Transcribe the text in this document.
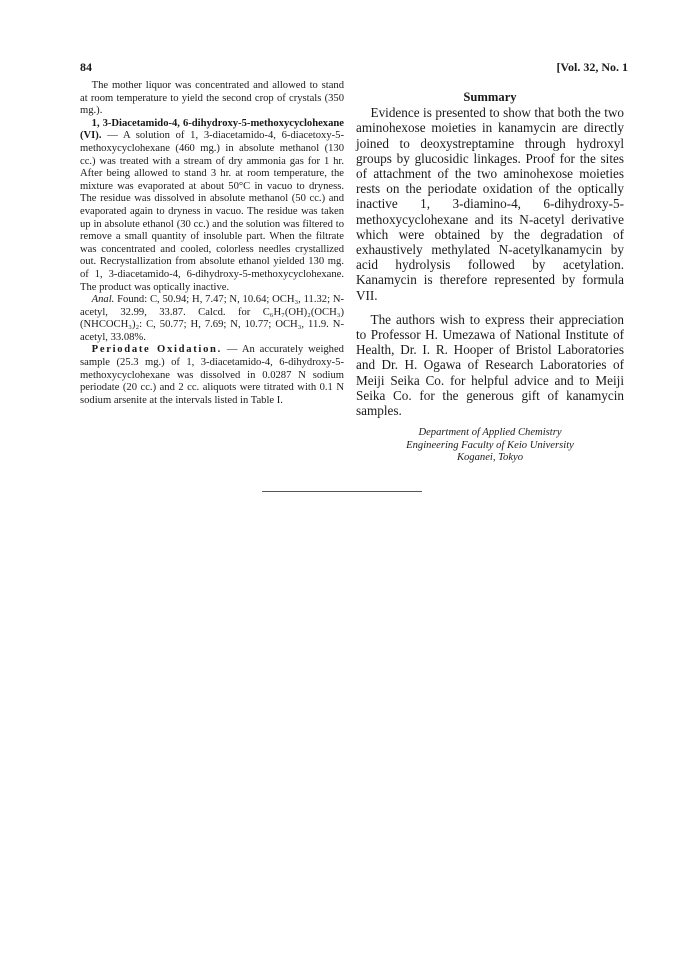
84	[Vol. 32, No. 1

The mother liquor was concentrated and allowed to stand at room temperature to yield the second crop of crystals (350 mg.).

1, 3-Diacetamido-4, 6-dihydroxy-5-methoxycyclohexane (VI). — A solution of 1, 3-diacetamido-4, 6-diacetoxy-5-methoxycyclohexane (460 mg.) in absolute methanol (130 cc.) was treated with a stream of dry ammonia gas for 1 hr. After being allowed to stand 3 hr. at room temperature, the mixture was evaporated at about 50°C in vacuo to dryness. The residue was dissolved in absolute methanol (50 cc.) and evaporated again to dryness in vacuo. The residue was taken up in absolute ethanol (30 cc.) and the solution was filtered to remove a small quantity of insoluble part. When the filtrate was concentrated and cooled, colorless needles crystallized out. Recrystallization from absolute ethanol yielded 130 mg. of 1, 3-diacetamido-4, 6-dihydroxy-5-methoxycyclohexane. The product was optically inactive.

Anal. Found: C, 50.94; H, 7.47; N, 10.64; OCH₃, 11.32; N-acetyl, 32.99, 33.87. Calcd. for C₆H₇(OH)₂(OCH₃)(NHCOCH₃)₂: C, 50.77; H, 7.69; N, 10.77; OCH₃, 11.9. N-acetyl, 33.08%.

Periodate Oxidation. — An accurately weighed sample (25.3 mg.) of 1, 3-diacetamido-4, 6-dihydroxy-5-methoxycyclohexane was dissolved in 0.0287 N sodium periodate (20 cc.) and 2 cc. aliquots were titrated with 0.1 N sodium arsenite at the intervals listed in Table I.

Summary

Evidence is presented to show that both the two aminohexose moieties in kanamycin are directly joined to deoxystreptamine through hydroxyl groups by glucosidic linkages. Proof for the sites of attachment of the two aminohexose moieties rests on the periodate oxidation of the optically inactive 1, 3-diamino-4, 6-dihydroxy-5-methoxycyclohexane and its N-acetyl derivative which were obtained by the degradation of exhaustively methylated N-acetylkanamycin by acid hydrolysis followed by acetylation. Kanamycin is therefore represented by formula VII.

The authors wish to express their appreciation to Professor H. Umezawa of National Institute of Health, Dr. I. R. Hooper of Bristol Laboratories and Dr. H. Ogawa of Research Laboratories of Meiji Seika Co. for helpful advice and to Meiji Seika Co. for the generous gift of kanamycin samples.

Department of Applied Chemistry
Engineering Faculty of Keio University
Koganei, Tokyo
